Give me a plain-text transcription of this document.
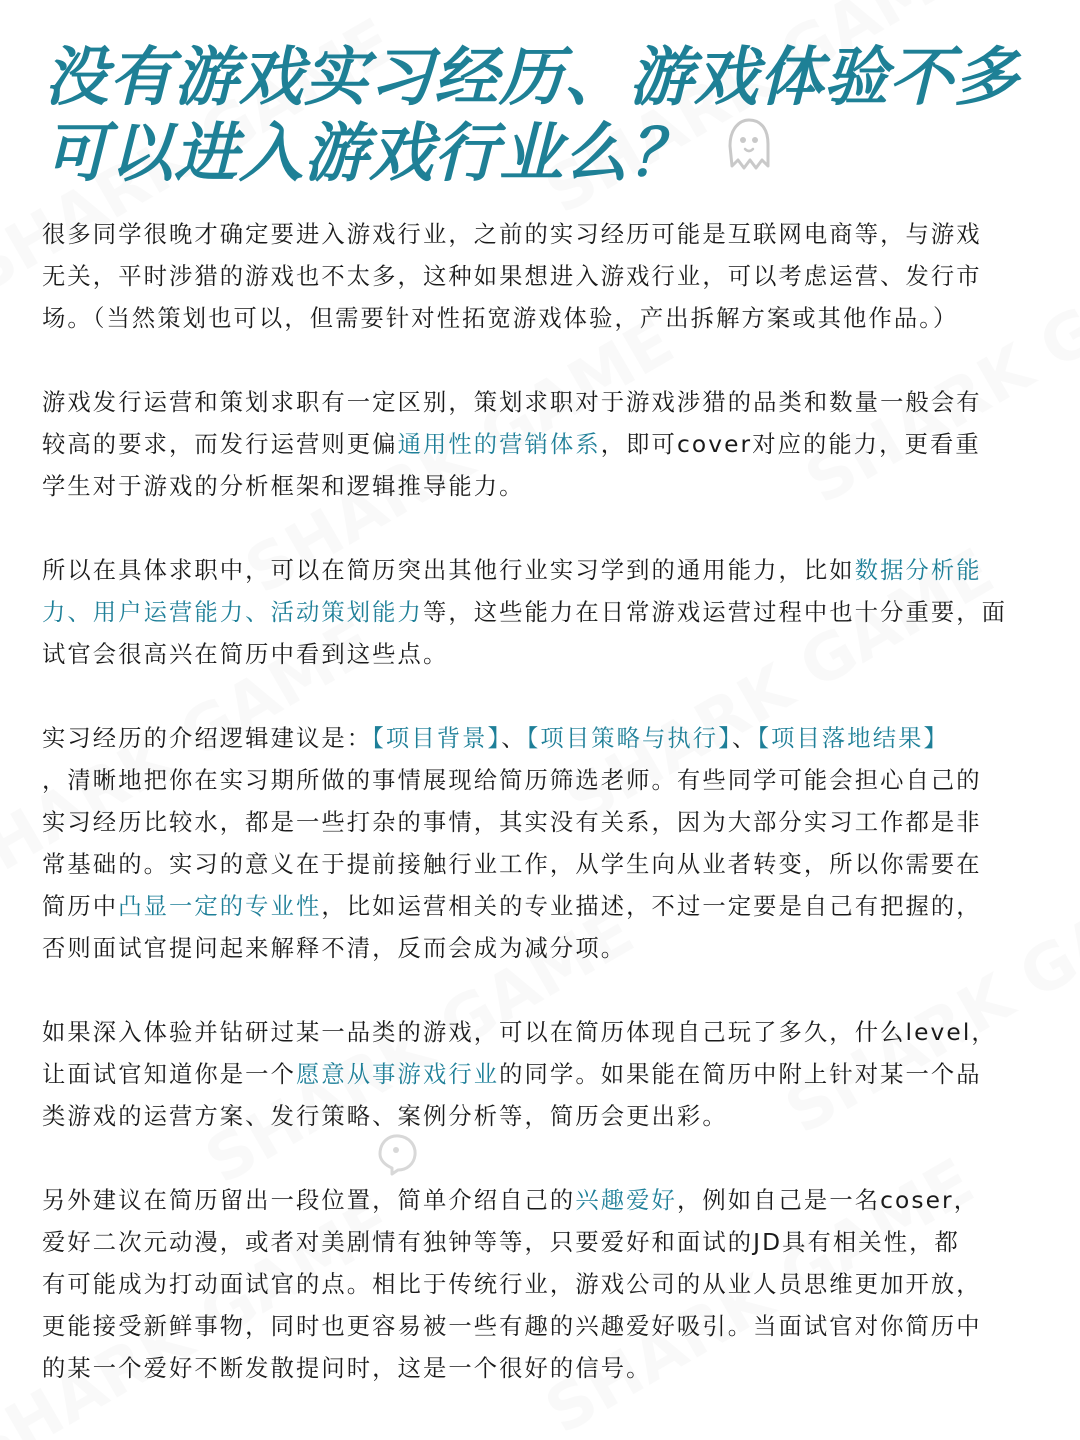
没有游戏实习经历、游戏体验不多
可以进入游戏行业么？

很多同学很晚才确定要进入游戏行业，之前的实习经历可能是互联网电商等，与游戏
无关，平时涉猎的游戏也不太多，这种如果想进入游戏行业，可以考虑运营、发行市
场。（当然策划也可以，但需要针对性拓宽游戏体验，产出拆解方案或其他作品。）

游戏发行运营和策划求职有一定区别，策划求职对于游戏涉猎的品类和数量一般会有
较高的要求，而发行运营则更偏通用性的营销体系，即可cover对应的能力，更看重
学生对于游戏的分析框架和逻辑推导能力。

所以在具体求职中，可以在简历突出其他行业实习学到的通用能力，比如数据分析能
力、用户运营能力、活动策划能力等，这些能力在日常游戏运营过程中也十分重要，面
试官会很高兴在简历中看到这些点。

实习经历的介绍逻辑建议是：【项目背景】、【项目策略与执行】、【项目落地结果】
，清晰地把你在实习期所做的事情展现给简历筛选老师。有些同学可能会担心自己的
实习经历比较水，都是一些打杂的事情，其实没有关系，因为大部分实习工作都是非
常基础的。实习的意义在于提前接触行业工作，从学生向从业者转变，所以你需要在
简历中凸显一定的专业性，比如运营相关的专业描述，不过一定要是自己有把握的，
否则面试官提问起来解释不清，反而会成为减分项。

如果深入体验并钻研过某一品类的游戏，可以在简历体现自己玩了多久，什么level，
让面试官知道你是一个愿意从事游戏行业的同学。如果能在简历中附上针对某一个品
类游戏的运营方案、发行策略、案例分析等，简历会更出彩。

另外建议在简历留出一段位置，简单介绍自己的兴趣爱好，例如自己是一名coser，
爱好二次元动漫，或者对美剧情有独钟等等，只要爱好和面试的JD具有相关性，都
有可能成为打动面试官的点。相比于传统行业，游戏公司的从业人员思维更加开放，
更能接受新鲜事物，同时也更容易被一些有趣的兴趣爱好吸引。当面试官对你简历中
的某一个爱好不断发散提问时，这是一个很好的信号。
